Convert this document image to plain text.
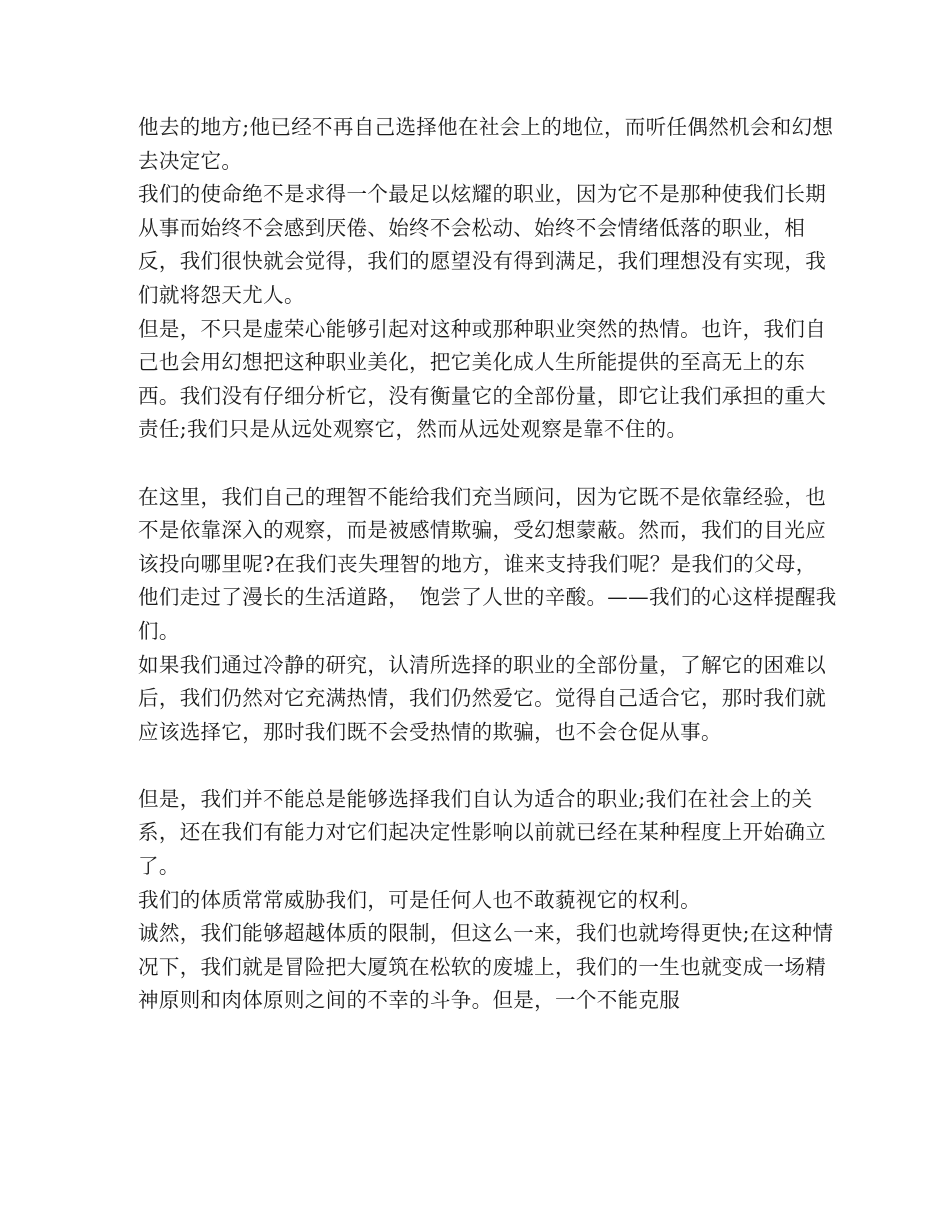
他去的地方;他已经不再自己选择他在社会上的地位，而听任偶然机会和幻想去决定它。

我们的使命绝不是求得一个最足以炫耀的职业，因为它不是那种使我们长期从事而始终不会感到厌倦、始终不会松动、始终不会情绪低落的职业，相反，我们很快就会觉得，我们的愿望没有得到满足，我们理想没有实现，我们就将怨天尤人。

但是，不只是虚荣心能够引起对这种或那种职业突然的热情。也许，我们自己也会用幻想把这种职业美化，把它美化成人生所能提供的至高无上的东西。我们没有仔细分析它，没有衡量它的全部份量，即它让我们承担的重大责任;我们只是从远处观察它，然而从远处观察是靠不住的。

在这里，我们自己的理智不能给我们充当顾问，因为它既不是依靠经验，也不是依靠深入的观察，而是被感情欺骗，受幻想蒙蔽。然而，我们的目光应该投向哪里呢?在我们丧失理智的地方，谁来支持我们呢？是我们的父母，　他们走过了漫长的生活道路，　饱尝了人世的辛酸。——我们的心这样提醒我们。

如果我们通过冷静的研究，认清所选择的职业的全部份量，了解它的困难以后，我们仍然对它充满热情，我们仍然爱它。觉得自己适合它，那时我们就应该选择它，那时我们既不会受热情的欺骗，也不会仓促从事。

但是，我们并不能总是能够选择我们自认为适合的职业;我们在社会上的关系，还在我们有能力对它们起决定性影响以前就已经在某种程度上开始确立了。

我们的体质常常威胁我们，可是任何人也不敢藐视它的权利。

诚然，我们能够超越体质的限制，但这么一来，我们也就垮得更快;在这种情况下，我们就是冒险把大厦筑在松软的废墟上，我们的一生也就变成一场精神原则和肉体原则之间的不幸的斗争。但是，一个不能克服
